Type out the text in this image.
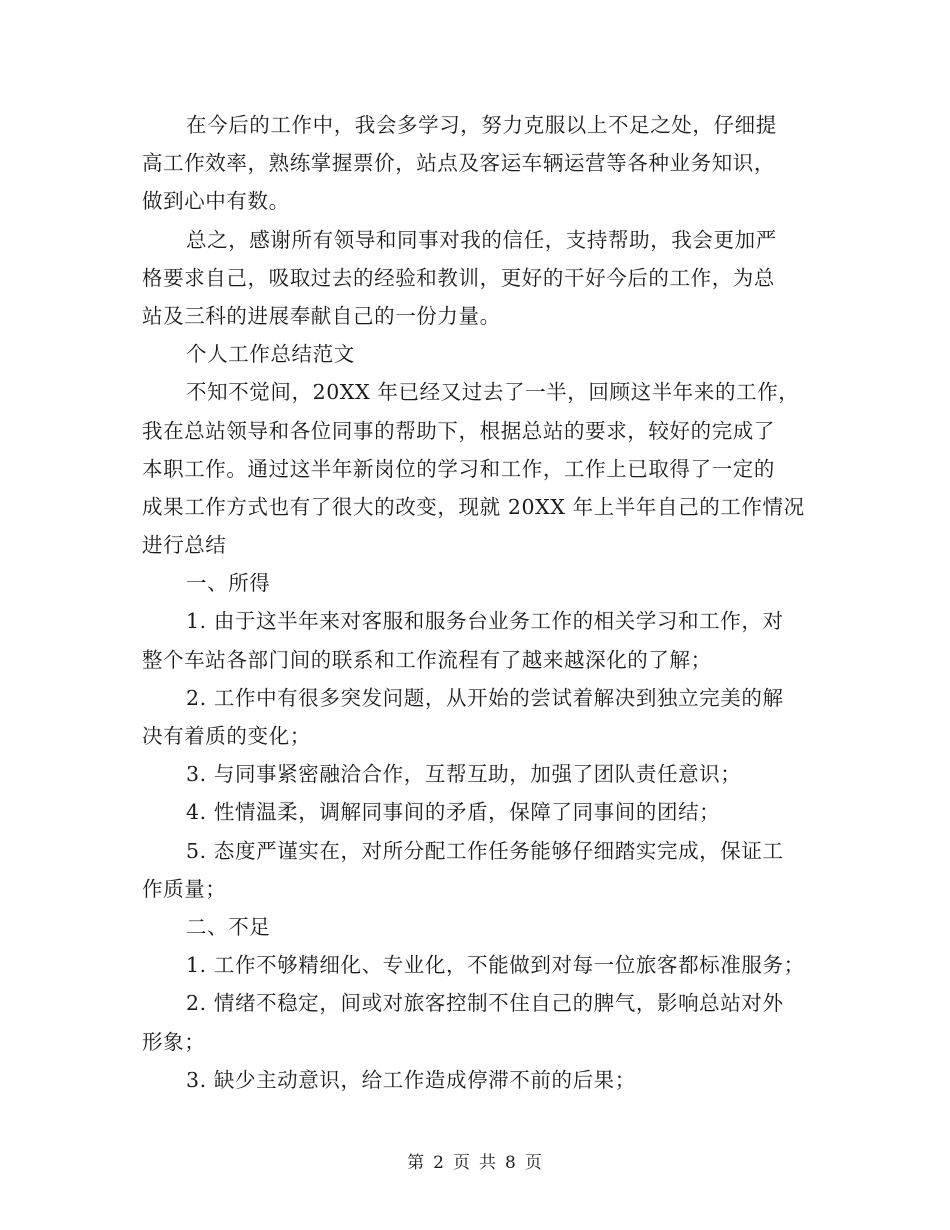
在今后的工作中，我会多学习，努力克服以上不足之处，仔细提
高工作效率，熟练掌握票价，站点及客运车辆运营等各种业务知识，
做到心中有数。
总之，感谢所有领导和同事对我的信任，支持帮助，我会更加严
格要求自己，吸取过去的经验和教训，更好的干好今后的工作，为总
站及三科的进展奉献自己的一份力量。
个人工作总结范文
不知不觉间，20XX 年已经又过去了一半，回顾这半年来的工作，
我在总站领导和各位同事的帮助下，根据总站的要求，较好的完成了
本职工作。通过这半年新岗位的学习和工作，工作上已取得了一定的
成果工作方式也有了很大的改变，现就 20XX 年上半年自己的工作情况
进行总结
一、所得
1. 由于这半年来对客服和服务台业务工作的相关学习和工作，对
整个车站各部门间的联系和工作流程有了越来越深化的了解；
2. 工作中有很多突发问题，从开始的尝试着解决到独立完美的解
决有着质的变化；
3. 与同事紧密融洽合作，互帮互助，加强了团队责任意识；
4. 性情温柔，调解同事间的矛盾，保障了同事间的团结；
5. 态度严谨实在，对所分配工作任务能够仔细踏实完成，保证工
作质量；
二、不足
1. 工作不够精细化、专业化，不能做到对每一位旅客都标准服务；
2. 情绪不稳定，间或对旅客控制不住自己的脾气，影响总站对外
形象；
3. 缺少主动意识，给工作造成停滞不前的后果；
第 2 页 共 8 页
